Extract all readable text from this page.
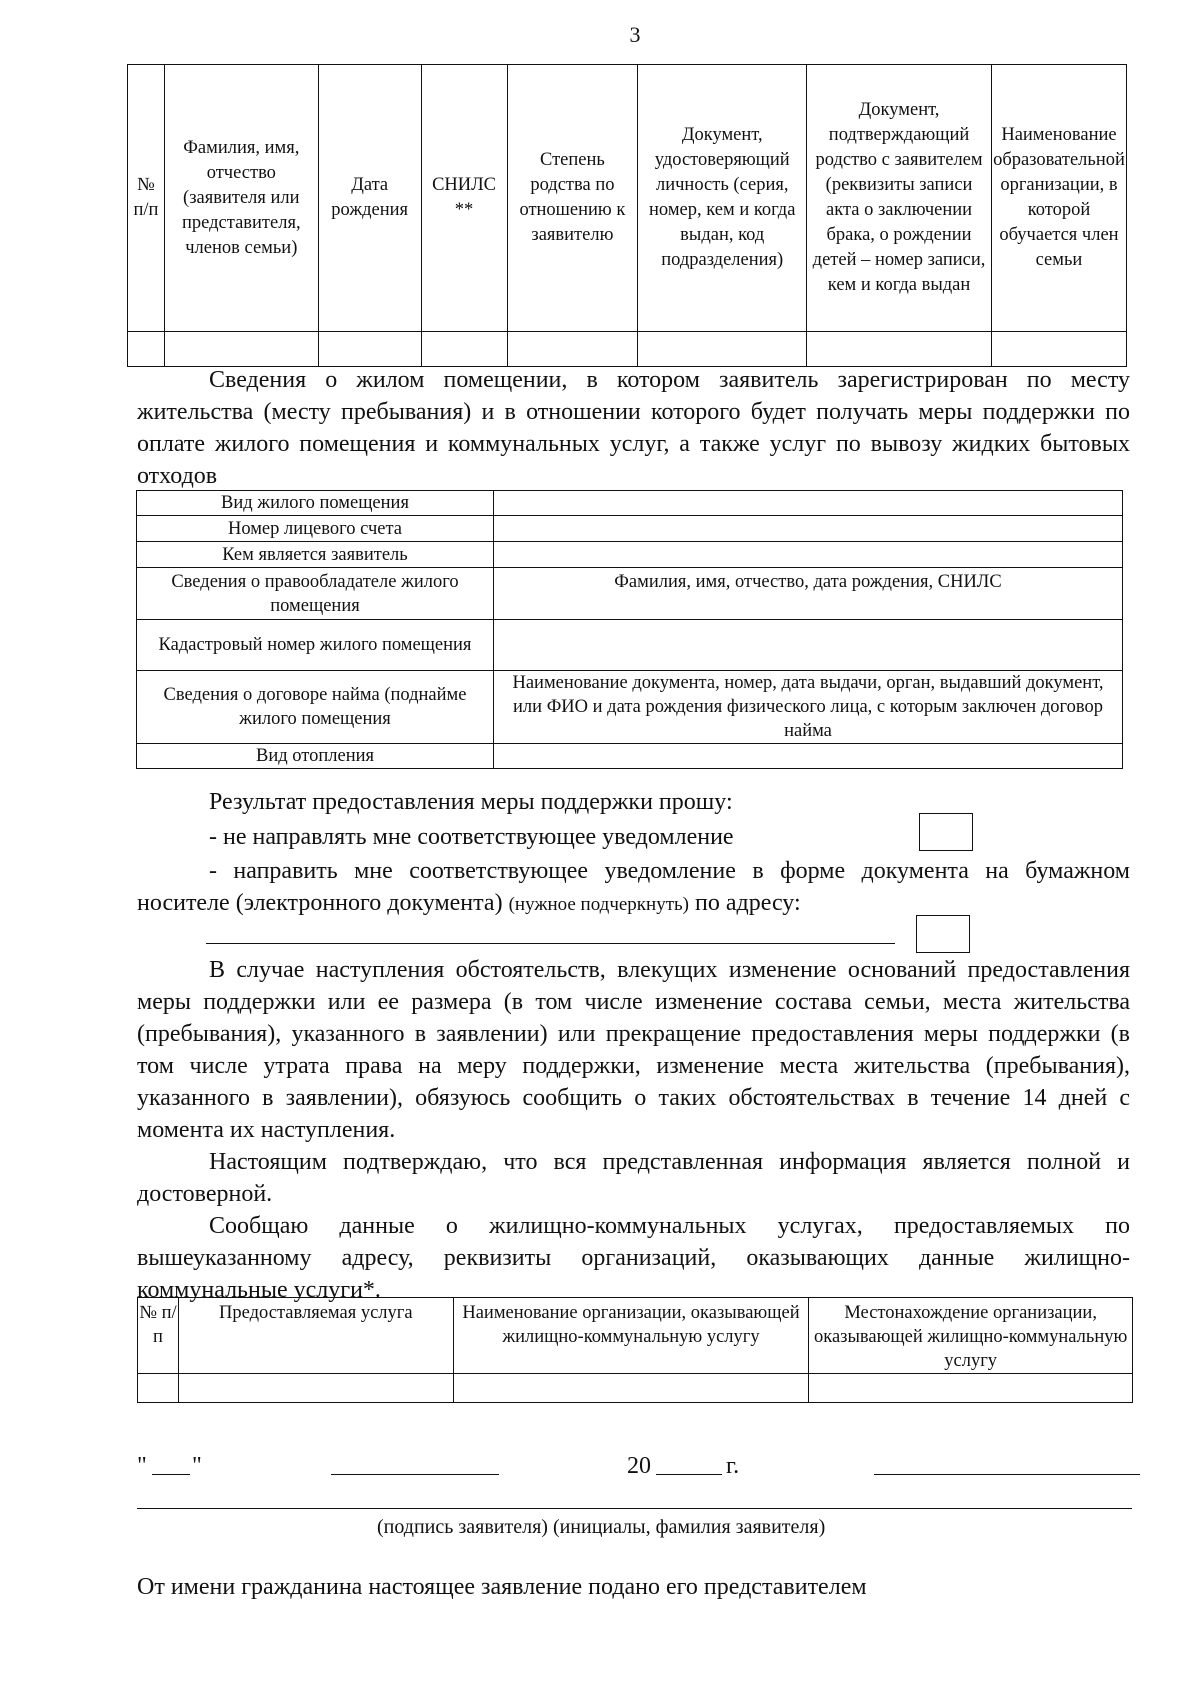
3
№ п/п	Фамилия, имя, отчество (заявителя или представителя, членов семьи)	Дата рождения	СНИЛС **	Степень родства по отношению к заявителю	Документ, удостоверяющий личность (серия, номер, кем и когда выдан, код подразделения)	Документ, подтверждающий родство с заявителем (реквизиты записи акта о заключении брака, о рождении детей – номер записи, кем и когда выдан	Наименование образовательной организации, в которой обучается член семьи

Сведения о жилом помещении, в котором заявитель зарегистрирован по месту жительства (месту пребывания) и в отношении которого будет получать меры поддержки по оплате жилого помещения и коммунальных услуг, а также услуг по вывозу жидких бытовых отходов
Вид жилого помещения	
Номер лицевого счета	
Кем является заявитель	
Сведения о правообладателе жилого помещения	Фамилия, имя, отчество, дата рождения, СНИЛС
Кадастровый номер жилого помещения	
Сведения о договоре найма (поднайме жилого помещения	Наименование документа, номер, дата выдачи, орган, выдавший документ, или ФИО и дата рождения физического лица, с которым заключен договор найма
Вид отопления	
Результат предоставления меры поддержки прошу:
- не направлять мне соответствующее уведомление
- направить мне соответствующее уведомление в форме документа на бумажном носителе (электронного документа) (нужное подчеркнуть) по адресу:
В случае наступления обстоятельств, влекущих изменение оснований предоставления меры поддержки или ее размера (в том числе изменение состава семьи, места жительства (пребывания), указанного в заявлении) или прекращение предоставления меры поддержки (в том числе утрата права на меру поддержки, изменение места жительства (пребывания), указанного в заявлении), обязуюсь сообщить о таких обстоятельствах в течение 14 дней с момента их наступления.
Настоящим подтверждаю, что вся представленная информация является полной и достоверной.
Сообщаю данные о жилищно-коммунальных услугах, предоставляемых по вышеуказанному адресу, реквизиты организаций, оказывающих данные жилищно-коммунальные услуги*.
№ п/п	Предоставляемая услуга	Наименование организации, оказывающей жилищно-коммунальную услугу	Местонахождение организации, оказывающей жилищно-коммунальную услугу

" "	20	г.
(подпись заявителя) (инициалы, фамилия заявителя)
От имени гражданина настоящее заявление подано его представителем
